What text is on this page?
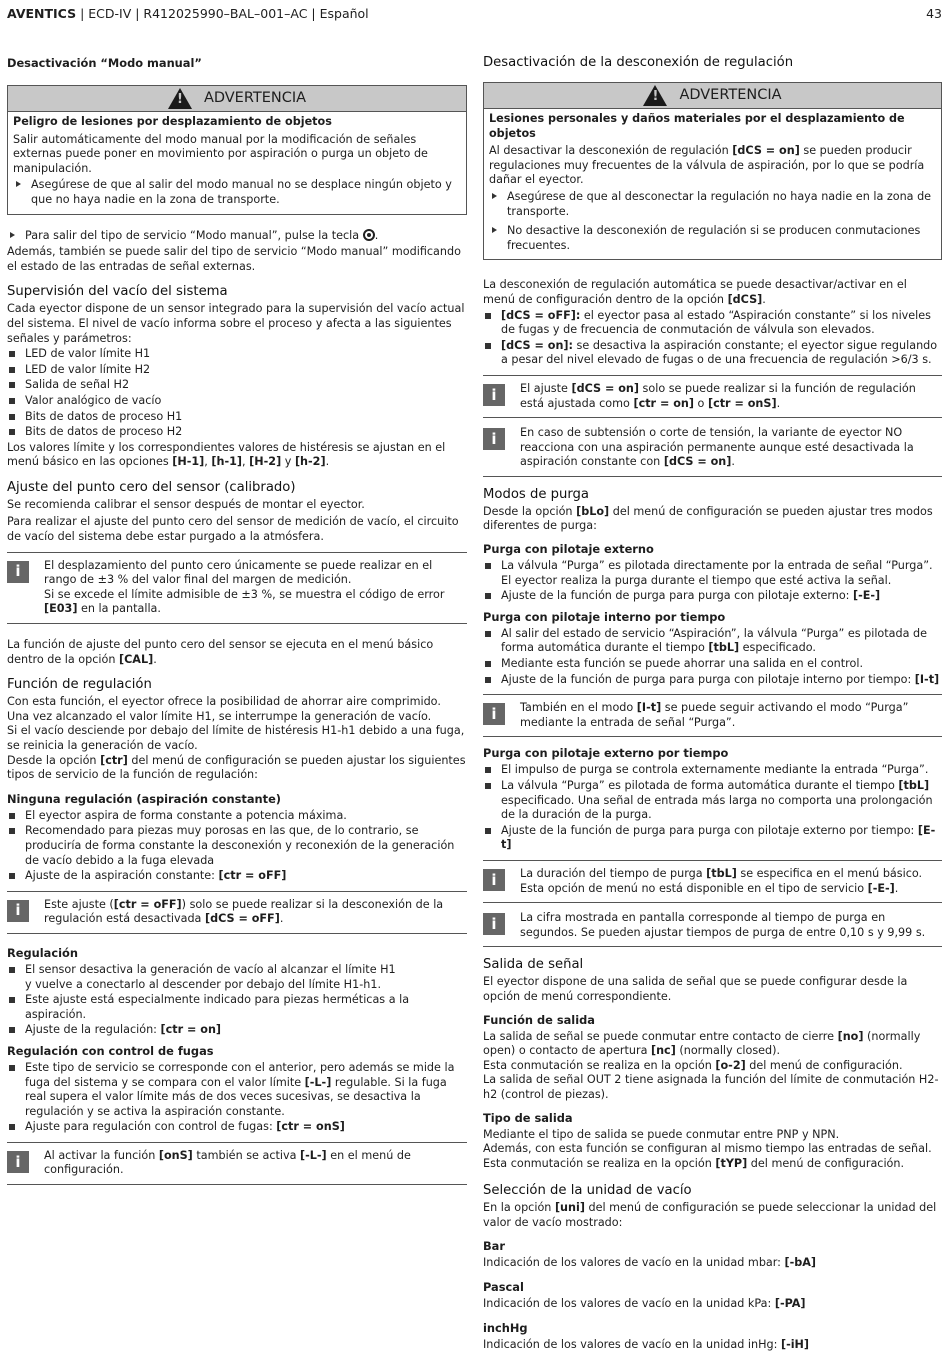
AVENTICS | ECD-IV | R412025990–BAL–001–AC | Español	43
Desactivación “Modo manual”
! ADVERTENCIA
Peligro de lesiones por desplazamiento de objetos

Salir automáticamente del modo manual por la modificación de señales externas puede poner en movimiento por aspiración o purga un objeto de manipulación.

Asegúrese de que al salir del modo manual no se desplace ningún objeto y que no haya nadie en la zona de transporte.
Para salir del tipo de servicio “Modo manual”, pulse la tecla .

Además, también se puede salir del tipo de servicio “Modo manual” modificando el estado de las entradas de señal externas.

Supervisión del vacío del sistema

Cada eyector dispone de un sensor integrado para la supervisión del vacío actual del sistema. El nivel de vacío informa sobre el proceso y afecta a las siguientes señales y parámetros:

LED de valor límite H1
LED de valor límite H2
Salida de señal H2
Valor analógico de vacío
Bits de datos de proceso H1
Bits de datos de proceso H2

Los valores límite y los correspondientes valores de histéresis se ajustan en el menú básico en las opciones [H-1], [h-1], [H-2] y [h-2].

Ajuste del punto cero del sensor (calibrado)

Se recomienda calibrar el sensor después de montar el eyector.

Para realizar el ajuste del punto cero del sensor de medición de vacío, el circuito de vacío del sistema debe estar purgado a la atmósfera.

i	El desplazamiento del punto cero únicamente se puede realizar en el rango de ±3 % del valor final del margen de medición.

Si se excede el límite admisible de ±3 %, se muestra el código de error [E03] en la pantalla.

La función de ajuste del punto cero del sensor se ejecuta en el menú básico dentro de la opción [CAL].

Función de regulación

Con esta función, el eyector ofrece la posibilidad de ahorrar aire comprimido.

Una vez alcanzado el valor límite H1, se interrumpe la generación de vacío.

Si el vacío desciende por debajo del límite de histéresis H1-h1 debido a una fuga, se reinicia la generación de vacío.

Desde la opción [ctr] del menú de configuración se pueden ajustar los siguientes tipos de servicio de la función de regulación:

Ninguna regulación (aspiración constante)
El eyector aspira de forma constante a potencia máxima.
Recomendado para piezas muy porosas en las que, de lo contrario, se produciría de forma constante la desconexión y reconexión de la generación de vacío debido a la fuga elevada
Ajuste de la aspiración constante: [ctr = oFF]
i	Este ajuste ([ctr = oFF]) solo se puede realizar si la desconexión de la regulación está desactivada [dCS = oFF].
Regulación
El sensor desactiva la generación de vacío al alcanzar el límite H1
y vuelve a conectarlo al descender por debajo del límite H1-h1.
Este ajuste está especialmente indicado para piezas herméticas a la aspiración.
Ajuste de la regulación: [ctr = on]
Regulación con control de fugas
Este tipo de servicio se corresponde con el anterior, pero además se mide la fuga del sistema y se compara con el valor límite [-L-] regulable. Si la fuga real supera el valor límite más de dos veces sucesivas, se desactiva la regulación y se activa la aspiración constante.
Ajuste para regulación con control de fugas: [ctr = onS]
i	Al activar la función [onS] también se activa [-L-] en el menú de configuración.
Desactivación de la desconexión de regulación
! ADVERTENCIA
Lesiones personales y daños materiales por el desplazamiento de objetos

Al desactivar la desconexión de regulación [dCS = on] se pueden producir regulaciones muy frecuentes de la válvula de aspiración, por lo que se podría dañar el eyector.

Asegúrese de que al desconectar la regulación no haya nadie en la zona de transporte.
No desactive la desconexión de regulación si se producen conmutaciones frecuentes.

La desconexión de regulación automática se puede desactivar/activar en el menú de configuración dentro de la opción [dCS].

[dCS = oFF]: el eyector pasa al estado “Aspiración constante” si los niveles de fugas y de frecuencia de conmutación de válvula son elevados.
[dCS = on]: se desactiva la aspiración constante; el eyector sigue regulando a pesar del nivel elevado de fugas o de una frecuencia de regulación >6/3 s.
i	El ajuste [dCS = on] solo se puede realizar si la función de regulación está ajustada como [ctr = on] o [ctr = onS].
i	En caso de subtensión o corte de tensión, la variante de eyector NO reacciona con una aspiración permanente aunque esté desactivada la aspiración constante con [dCS = on].
Modos de purga

Desde la opción [bLo] del menú de configuración se pueden ajustar tres modos diferentes de purga:

Purga con pilotaje externo
La válvula “Purga” es pilotada directamente por la entrada de señal “Purga”.
El eyector realiza la purga durante el tiempo que esté activa la señal.
Ajuste de la función de purga para purga con pilotaje externo: [-E-]
Purga con pilotaje interno por tiempo
Al salir del estado de servicio “Aspiración”, la válvula “Purga” es pilotada de forma automática durante el tiempo [tbL] especificado.
Mediante esta función se puede ahorrar una salida en el control.
Ajuste de la función de purga para purga con pilotaje interno por tiempo: [I-t]
i	También en el modo [I-t] se puede seguir activando el modo “Purga” mediante la entrada de señal “Purga”.
Purga con pilotaje externo por tiempo
El impulso de purga se controla externamente mediante la entrada “Purga”.
La válvula “Purga” es pilotada de forma automática durante el tiempo [tbL] especificado. Una señal de entrada más larga no comporta una prolongación de la duración de la purga.
Ajuste de la función de purga para purga con pilotaje externo por tiempo: [E-t]
i	La duración del tiempo de purga [tbL] se especifica en el menú básico.

Esta opción de menú no está disponible en el tipo de servicio [-E-].

i	La cifra mostrada en pantalla corresponde al tiempo de purga en segundos. Se pueden ajustar tiempos de purga de entre 0,10 s y 9,99 s.
Salida de señal

El eyector dispone de una salida de señal que se puede configurar desde la opción de menú correspondiente.

Función de salida

La salida de señal se puede conmutar entre contacto de cierre [no] (normally open) o contacto de apertura [nc] (normally closed).

Esta conmutación se realiza en la opción [o-2] del menú de configuración.

La salida de señal OUT 2 tiene asignada la función del límite de conmutación H2-h2 (control de piezas).

Tipo de salida

Mediante el tipo de salida se puede conmutar entre PNP y NPN.

Además, con esta función se configuran al mismo tiempo las entradas de señal.

Esta conmutación se realiza en la opción [tYP] del menú de configuración.

Selección de la unidad de vacío

En la opción [uni] del menú de configuración se puede seleccionar la unidad del valor de vacío mostrado:

Bar

Indicación de los valores de vacío en la unidad mbar: [-bA]

Pascal

Indicación de los valores de vacío en la unidad kPa: [-PA]

inchHg

Indicación de los valores de vacío en la unidad inHg: [-iH]
